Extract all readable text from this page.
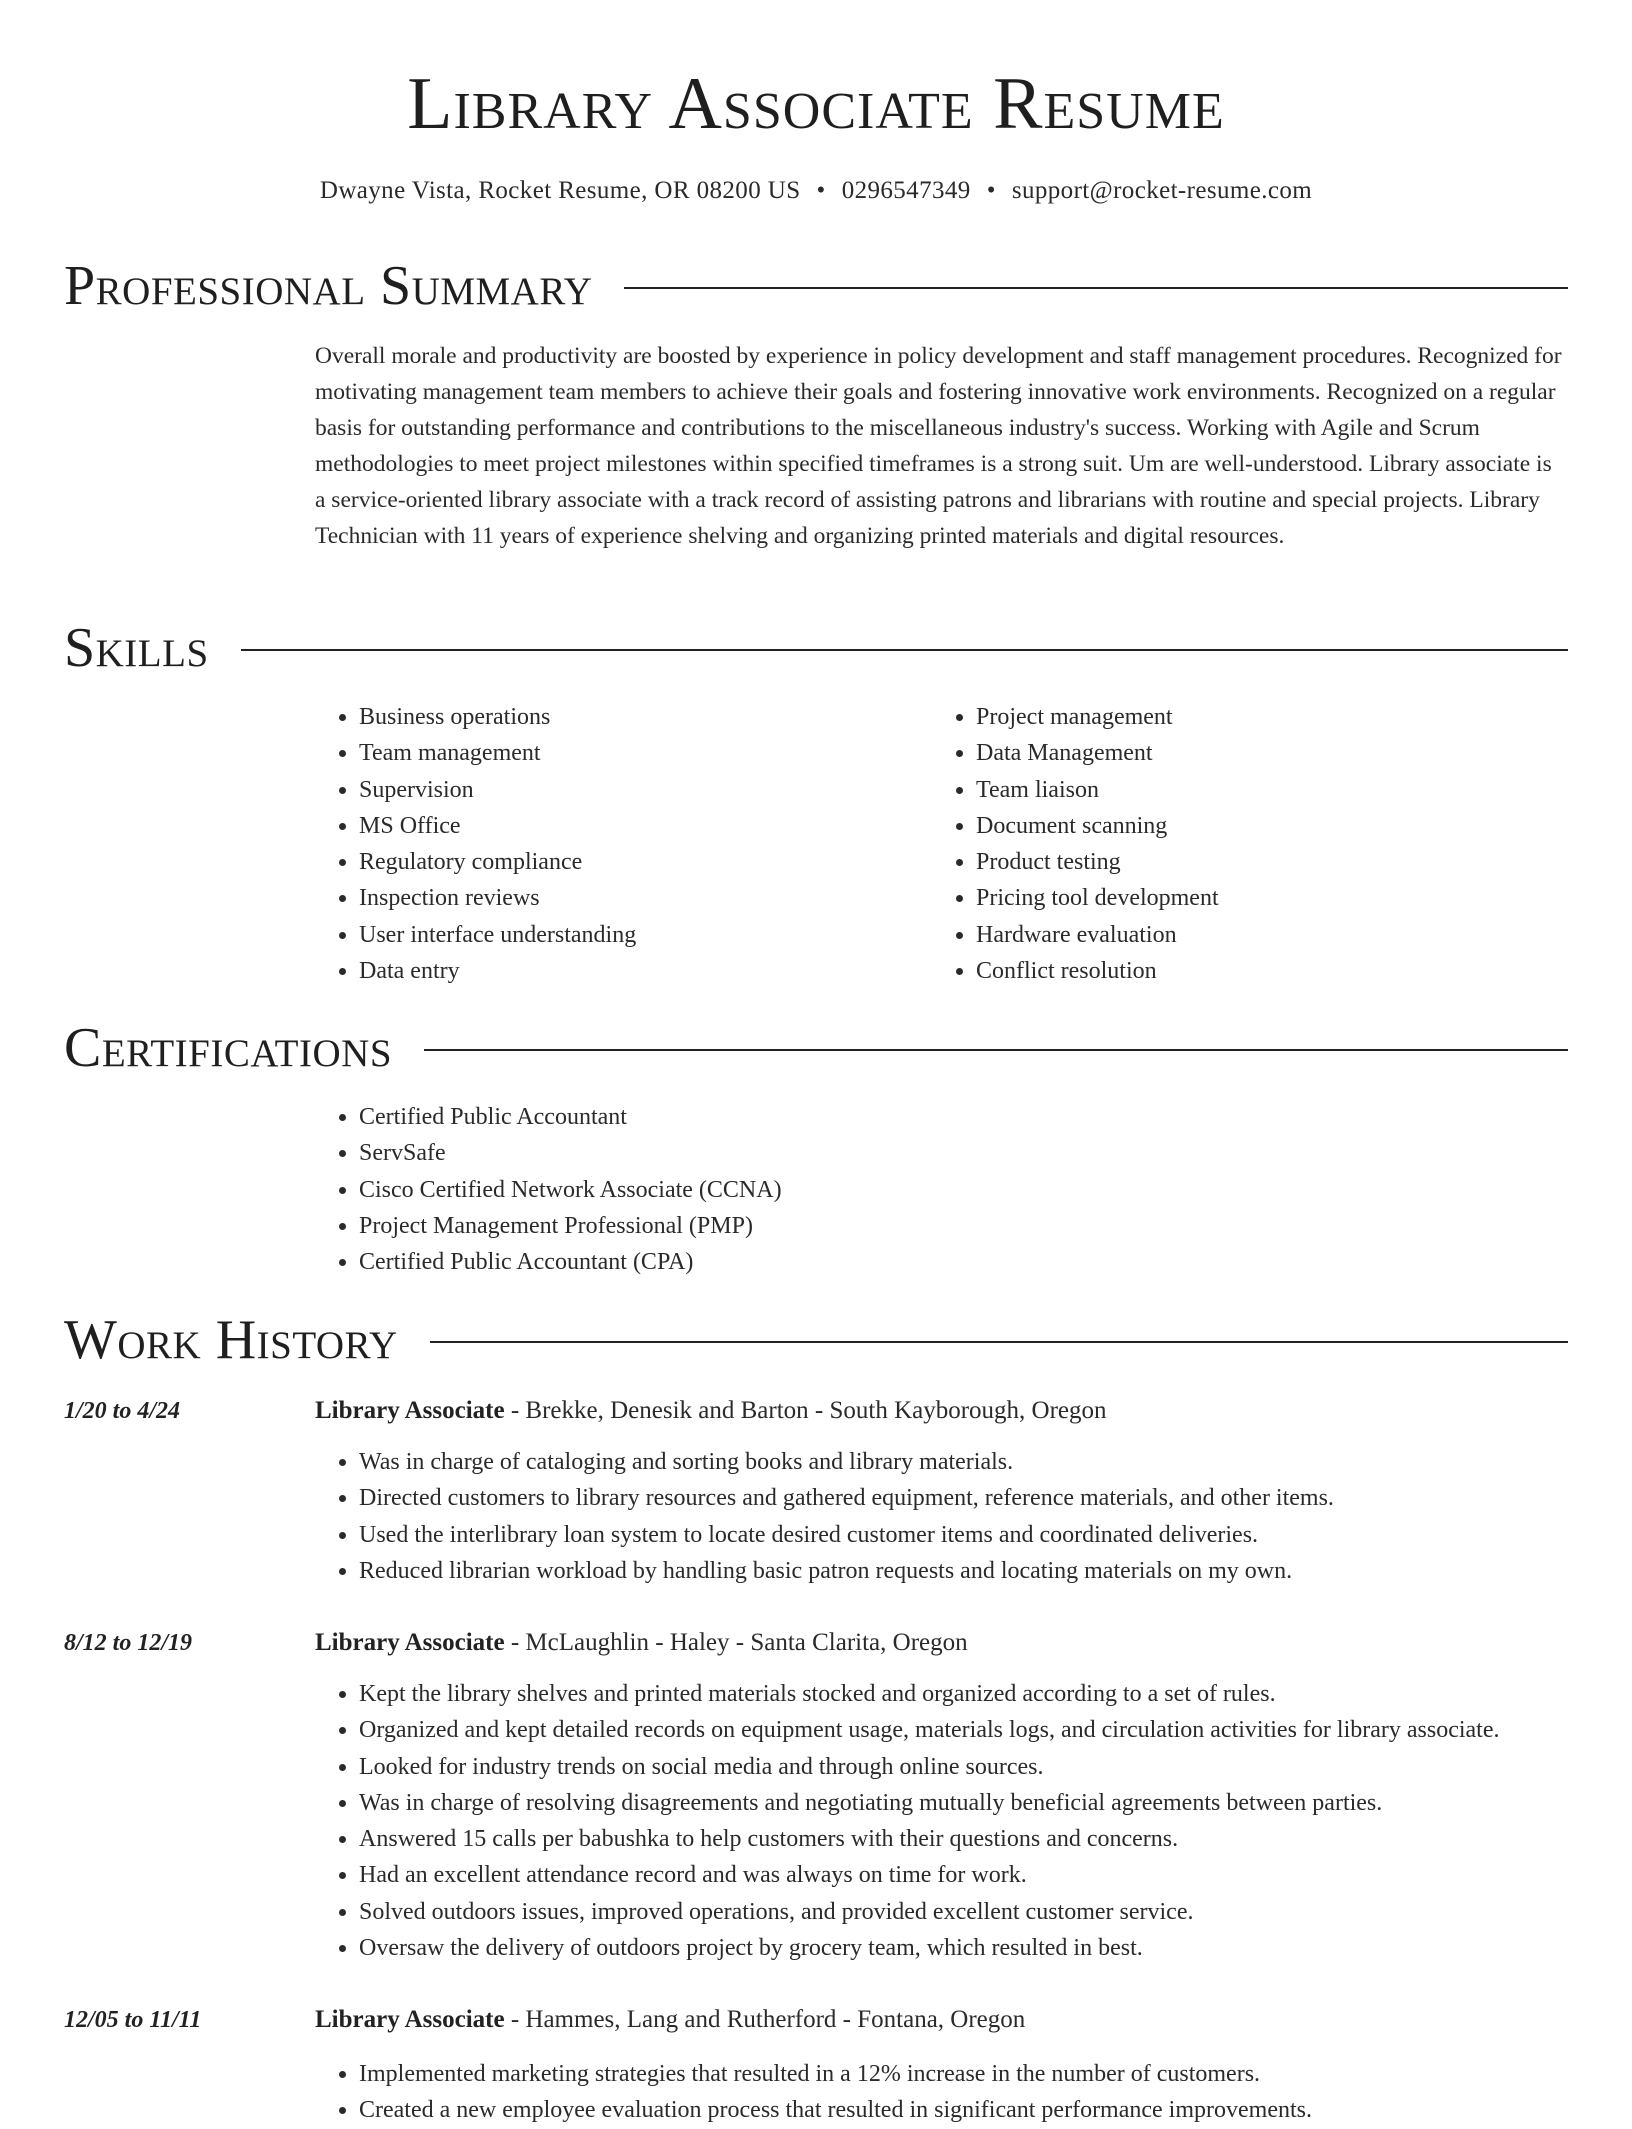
Library Associate Resume
Dwayne Vista, Rocket Resume, OR 08200 US • 0296547349 • support@rocket-resume.com
Professional Summary

Overall morale and productivity are boosted by experience in policy development and staff management procedures. Recognized for motivating management team members to achieve their goals and fostering innovative work environments. Recognized on a regular basis for outstanding performance and contributions to the miscellaneous industry's success. Working with Agile and Scrum methodologies to meet project milestones within specified timeframes is a strong suit. Um are well-understood. Library associate is a service-oriented library associate with a track record of assisting patrons and librarians with routine and special projects. Library Technician with 11 years of experience shelving and organizing printed materials and digital resources.

Skills
• Business operations
• Team management
• Supervision
• MS Office
• Regulatory compliance
• Inspection reviews
• User interface understanding
• Data entry
• Project management
• Data Management
• Team liaison
• Document scanning
• Product testing
• Pricing tool development
• Hardware evaluation
• Conflict resolution
Certifications
• Certified Public Accountant
• ServSafe
• Cisco Certified Network Associate (CCNA)
• Project Management Professional (PMP)
• Certified Public Accountant (CPA)
Work History
1/20 to 4/24	Library Associate - Brekke, Denesik and Barton - South Kayborough, Oregon
• Was in charge of cataloging and sorting books and library materials.
• Directed customers to library resources and gathered equipment, reference materials, and other items.
• Used the interlibrary loan system to locate desired customer items and coordinated deliveries.
• Reduced librarian workload by handling basic patron requests and locating materials on my own.
8/12 to 12/19	Library Associate - McLaughlin - Haley - Santa Clarita, Oregon
• Kept the library shelves and printed materials stocked and organized according to a set of rules.
• Organized and kept detailed records on equipment usage, materials logs, and circulation activities for library associate.
• Looked for industry trends on social media and through online sources.
• Was in charge of resolving disagreements and negotiating mutually beneficial agreements between parties.
• Answered 15 calls per babushka to help customers with their questions and concerns.
• Had an excellent attendance record and was always on time for work.
• Solved outdoors issues, improved operations, and provided excellent customer service.
• Oversaw the delivery of outdoors project by grocery team, which resulted in best.
12/05 to 11/11	Library Associate - Hammes, Lang and Rutherford - Fontana, Oregon
• Implemented marketing strategies that resulted in a 12% increase in the number of customers.
• Created a new employee evaluation process that resulted in significant performance improvements.
